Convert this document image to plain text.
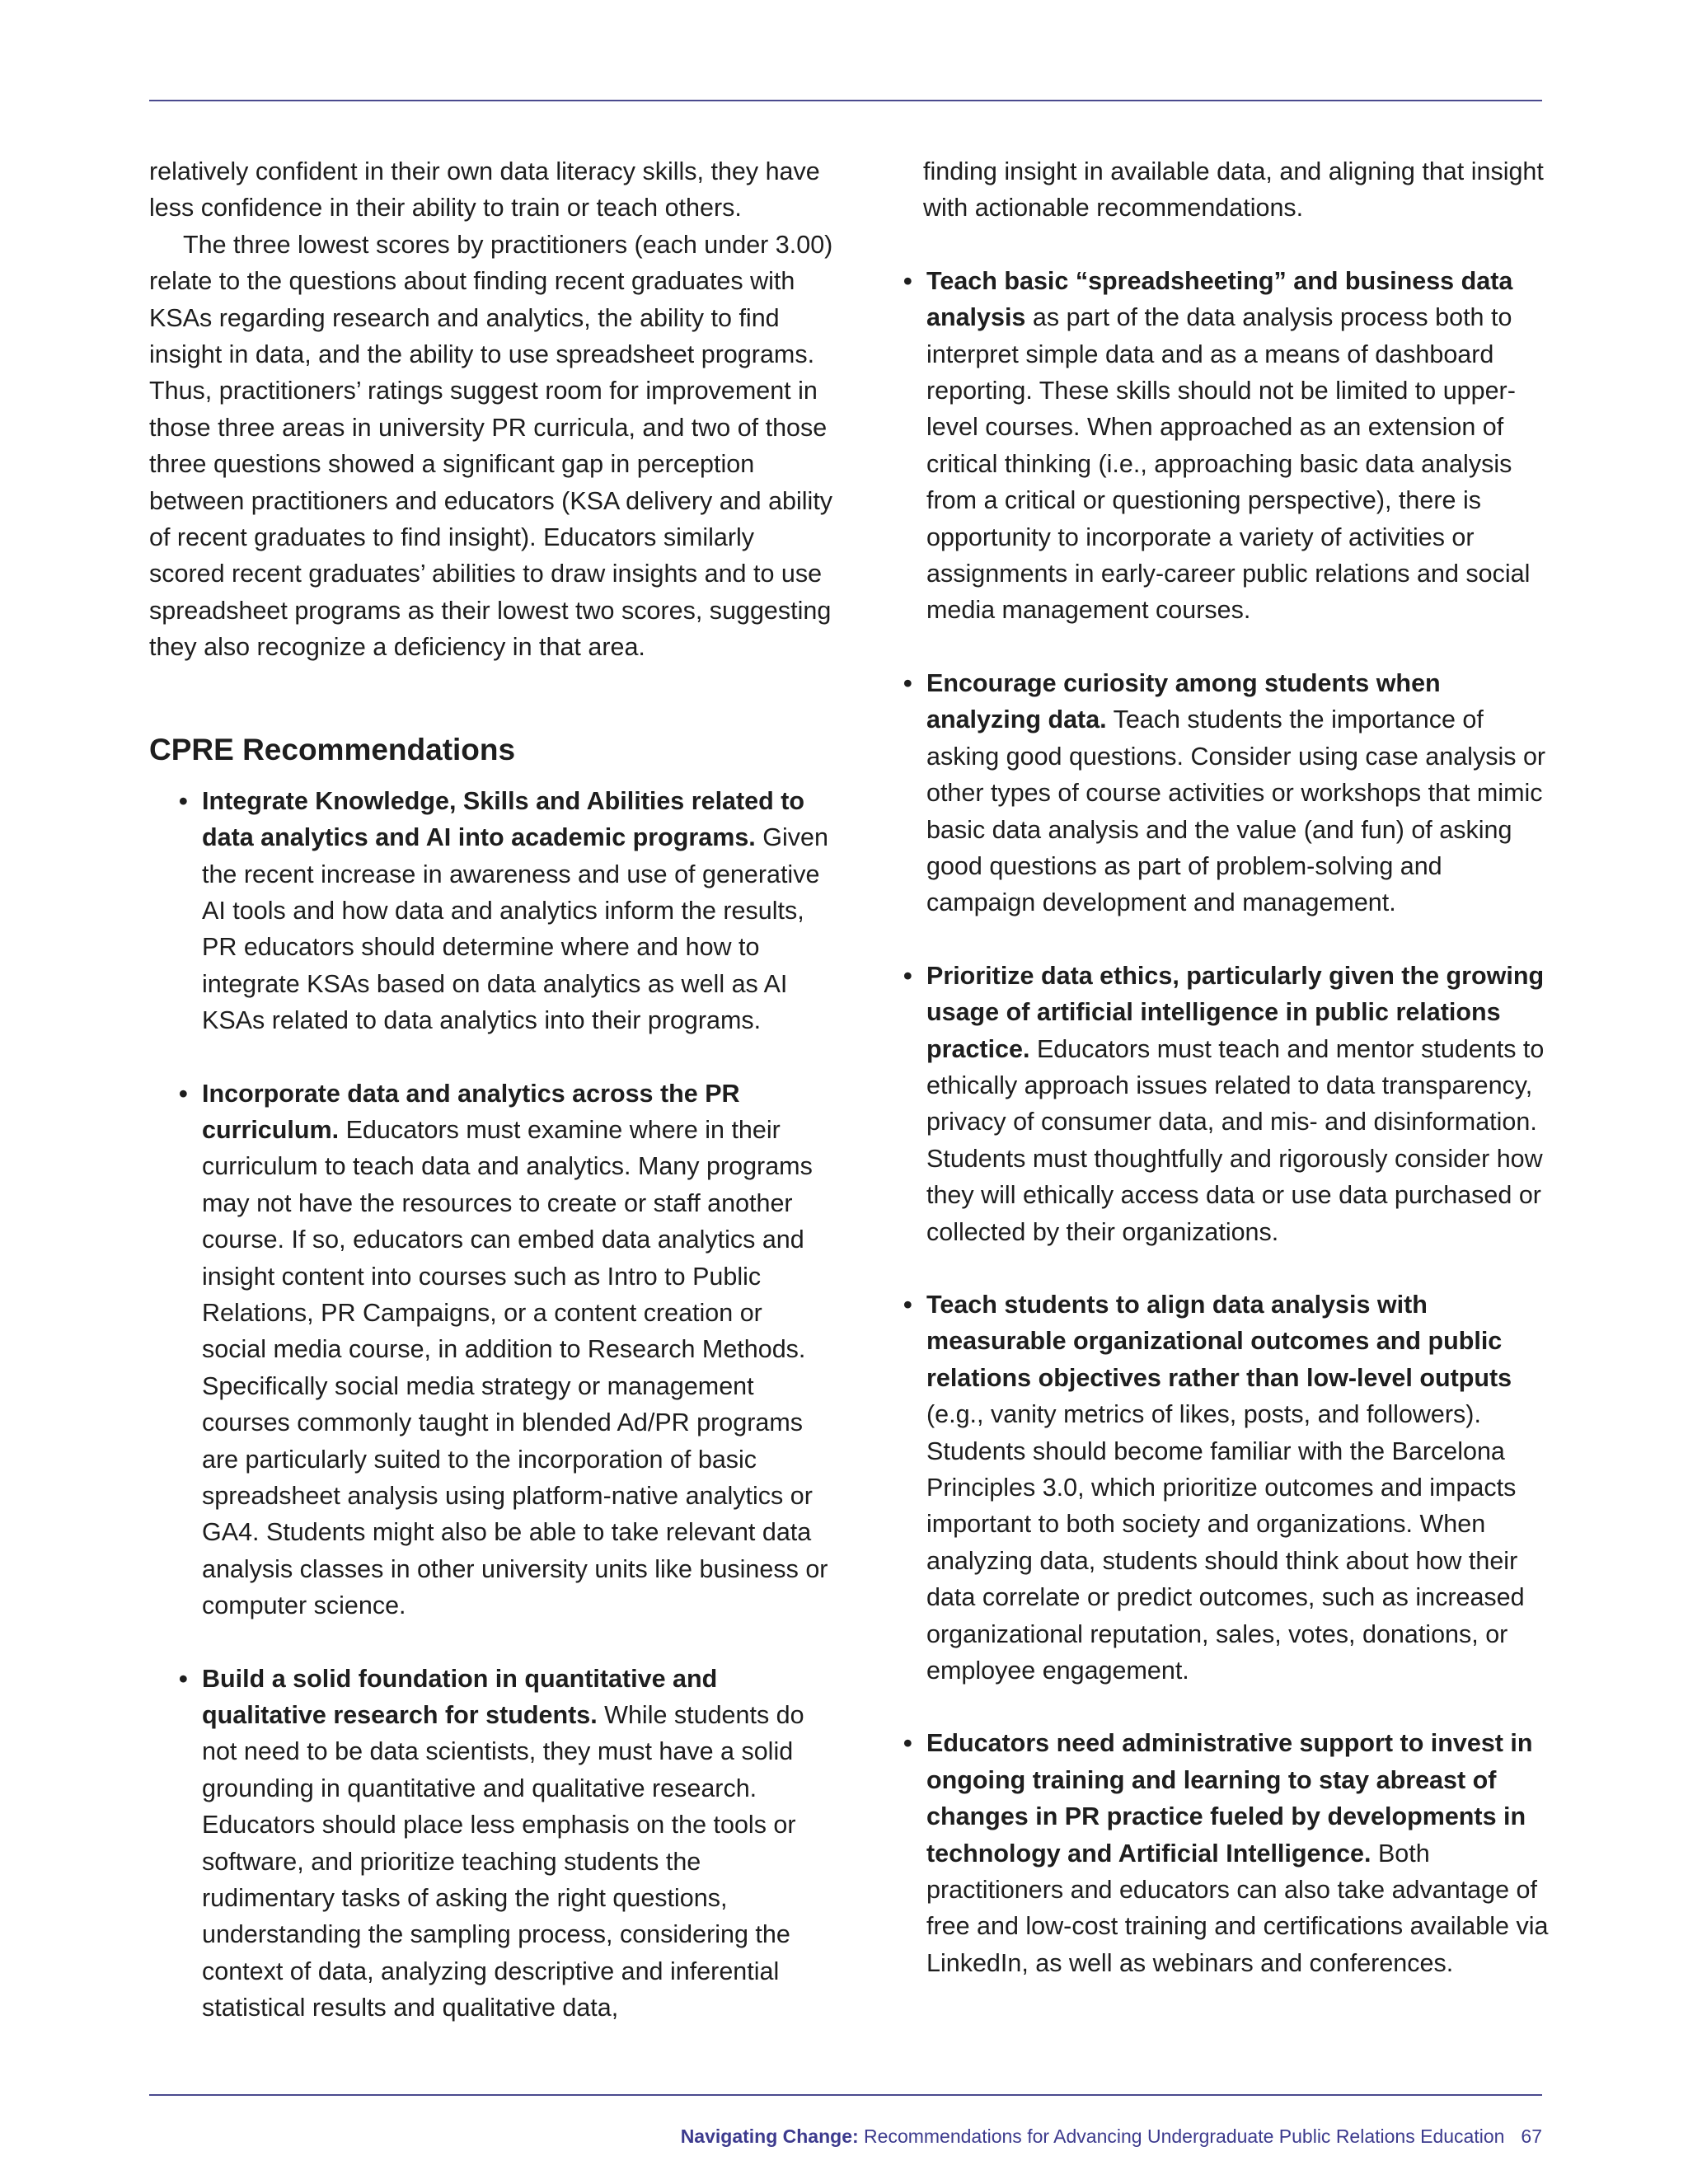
relatively confident in their own data literacy skills, they have less confidence in their ability to train or teach others.

The three lowest scores by practitioners (each under 3.00) relate to the questions about finding recent graduates with KSAs regarding research and analytics, the ability to find insight in data, and the ability to use spreadsheet programs. Thus, practitioners’ ratings suggest room for improvement in those three areas in university PR curricula, and two of those three questions showed a significant gap in perception between practitioners and educators (KSA delivery and ability of recent graduates to find insight). Educators similarly scored recent graduates’ abilities to draw insights and to use spreadsheet programs as their lowest two scores, suggesting they also recognize a deficiency in that area.

CPRE Recommendations
• Integrate Knowledge, Skills and Abilities related to data analytics and AI into academic programs. Given the recent increase in awareness and use of generative AI tools and how data and analytics inform the results, PR educators should determine where and how to integrate KSAs based on data analytics as well as AI KSAs related to data analytics into their programs.
• Incorporate data and analytics across the PR curriculum. Educators must examine where in their curriculum to teach data and analytics. Many programs may not have the resources to create or staff another course. If so, educators can embed data analytics and insight content into courses such as Intro to Public Relations, PR Campaigns, or a content creation or social media course, in addition to Research Methods. Specifically social media strategy or management courses commonly taught in blended Ad/PR programs are particularly suited to the incorporation of basic spreadsheet analysis using platform-native analytics or GA4. Students might also be able to take relevant data analysis classes in other university units like business or computer science.
• Build a solid foundation in quantitative and qualitative research for students. While students do not need to be data scientists, they must have a solid grounding in quantitative and qualitative research. Educators should place less emphasis on the tools or software, and prioritize teaching students the rudimentary tasks of asking the right questions, understanding the sampling process, considering the context of data, analyzing descriptive and inferential statistical results and qualitative data,

finding insight in available data, and aligning that insight with actionable recommendations.

• Teach basic “spreadsheeting” and business data analysis as part of the data analysis process both to interpret simple data and as a means of dashboard reporting. These skills should not be limited to upper-level courses. When approached as an extension of critical thinking (i.e., approaching basic data analysis from a critical or questioning perspective), there is opportunity to incorporate a variety of activities or assignments in early-career public relations and social media management courses.
• Encourage curiosity among students when analyzing data. Teach students the importance of asking good questions. Consider using case analysis or other types of course activities or workshops that mimic basic data analysis and the value (and fun) of asking good questions as part of problem-solving and campaign development and management.
• Prioritize data ethics, particularly given the growing usage of artificial intelligence in public relations practice. Educators must teach and mentor students to ethically approach issues related to data transparency, privacy of consumer data, and mis- and disinformation. Students must thoughtfully and rigorously consider how they will ethically access data or use data purchased or collected by their organizations.
• Teach students to align data analysis with measurable organizational outcomes and public relations objectives rather than low-level outputs (e.g., vanity metrics of likes, posts, and followers). Students should become familiar with the Barcelona Principles 3.0, which prioritize outcomes and impacts important to both society and organizations. When analyzing data, students should think about how their data correlate or predict outcomes, such as increased organizational reputation, sales, votes, donations, or employee engagement.
• Educators need administrative support to invest in ongoing training and learning to stay abreast of changes in PR practice fueled by developments in technology and Artificial Intelligence. Both practitioners and educators can also take advantage of free and low-cost training and certifications available via LinkedIn, as well as webinars and conferences.
Navigating Change: Recommendations for Advancing Undergraduate Public Relations Education 67
